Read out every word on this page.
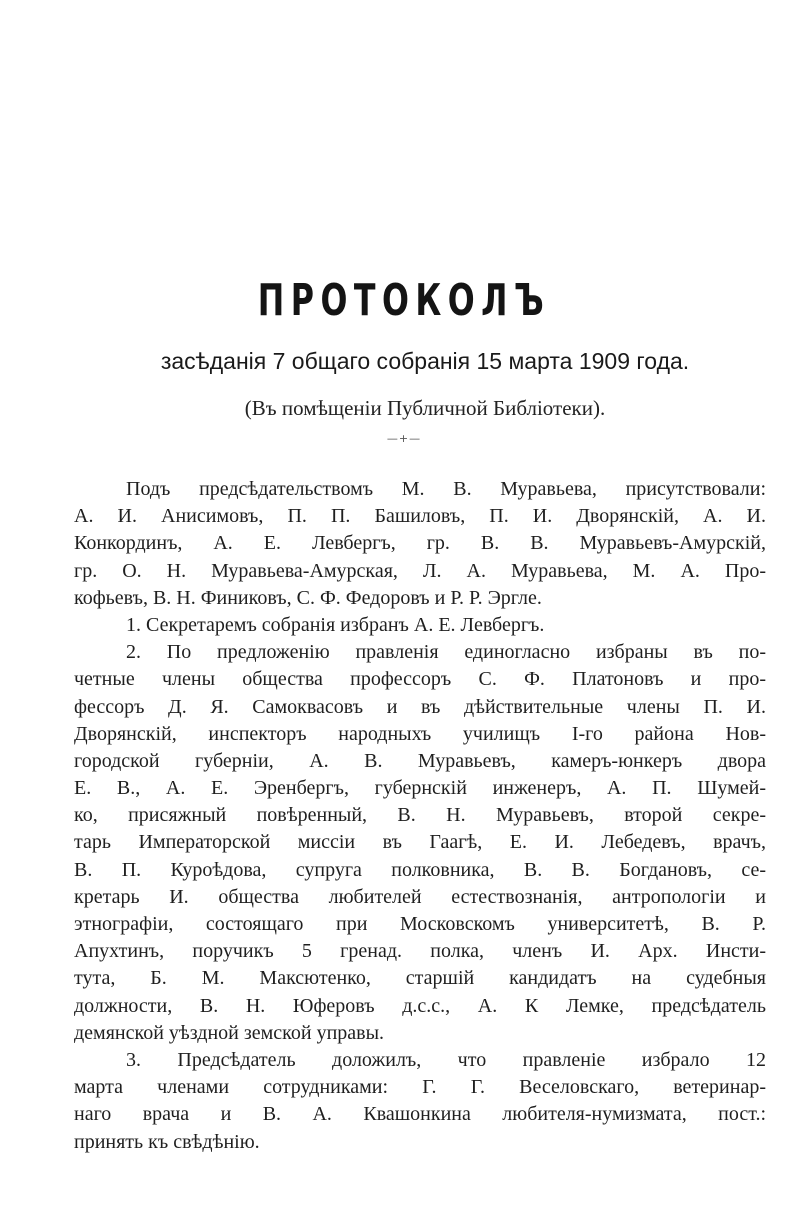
ПРОТОКОЛЪ
засѣданія 7 общаго собранія 15 марта 1909 года.
(Въ помѣщеніи Публичной Библіотеки).
—+—
Подъ предсѣдательствомъ М. В. Муравьева, присутствовали:
А. И. Анисимовъ, П. П. Башиловъ, П. И. Дворянскій, А. И.
Конкординъ, А. Е. Левбергъ, гр. В. В. Муравьевъ-Амурскій,
гр. О. Н. Муравьева-Амурская, Л. А. Муравьева, М. А. Про-
кофьевъ, В. Н. Финиковъ, С. Ф. Федоровъ и Р. Р. Эргле.
1. Секретаремъ собранія избранъ А. Е. Левбергъ.
2. По предложенію правленія единогласно избраны въ по-
четные члены общества профессоръ С. Ф. Платоновъ и про-
фессоръ Д. Я. Самоквасовъ и въ дѣйствительные члены П. И.
Дворянскій, инспекторъ народныхъ училищъ I-го района Нов-
городской губерніи, А. В. Муравьевъ, камеръ-юнкеръ двора
Е. В., А. Е. Эренбергъ, губернскій инженеръ, А. П. Шумей-
ко, присяжный повѣренный, В. Н. Муравьевъ, второй секре-
тарь Императорской миссіи въ Гаагѣ, Е. И. Лебедевъ, врачъ,
В. П. Куроѣдова, супруга полковника, В. В. Богдановъ, се-
кретарь И. общества любителей естествознанія, антропологіи и
этнографіи, состоящаго при Московскомъ университетѣ, В. Р.
Апухтинъ, поручикъ 5 гренад. полка, членъ И. Арх. Инсти-
тута, Б. М. Максютенко, старшій кандидатъ на судебныя
должности, В. Н. Юферовъ д.с.с., А. К Лемке, предсѣдатель
демянской уѣздной земской управы.
3. Предсѣдатель доложилъ, что правленіе избрало 12
марта членами сотрудниками: Г. Г. Веселовскаго, ветеринар-
наго врача и В. А. Квашонкина любителя-нумизмата, пост.:
принять къ свѣдѣнію.
